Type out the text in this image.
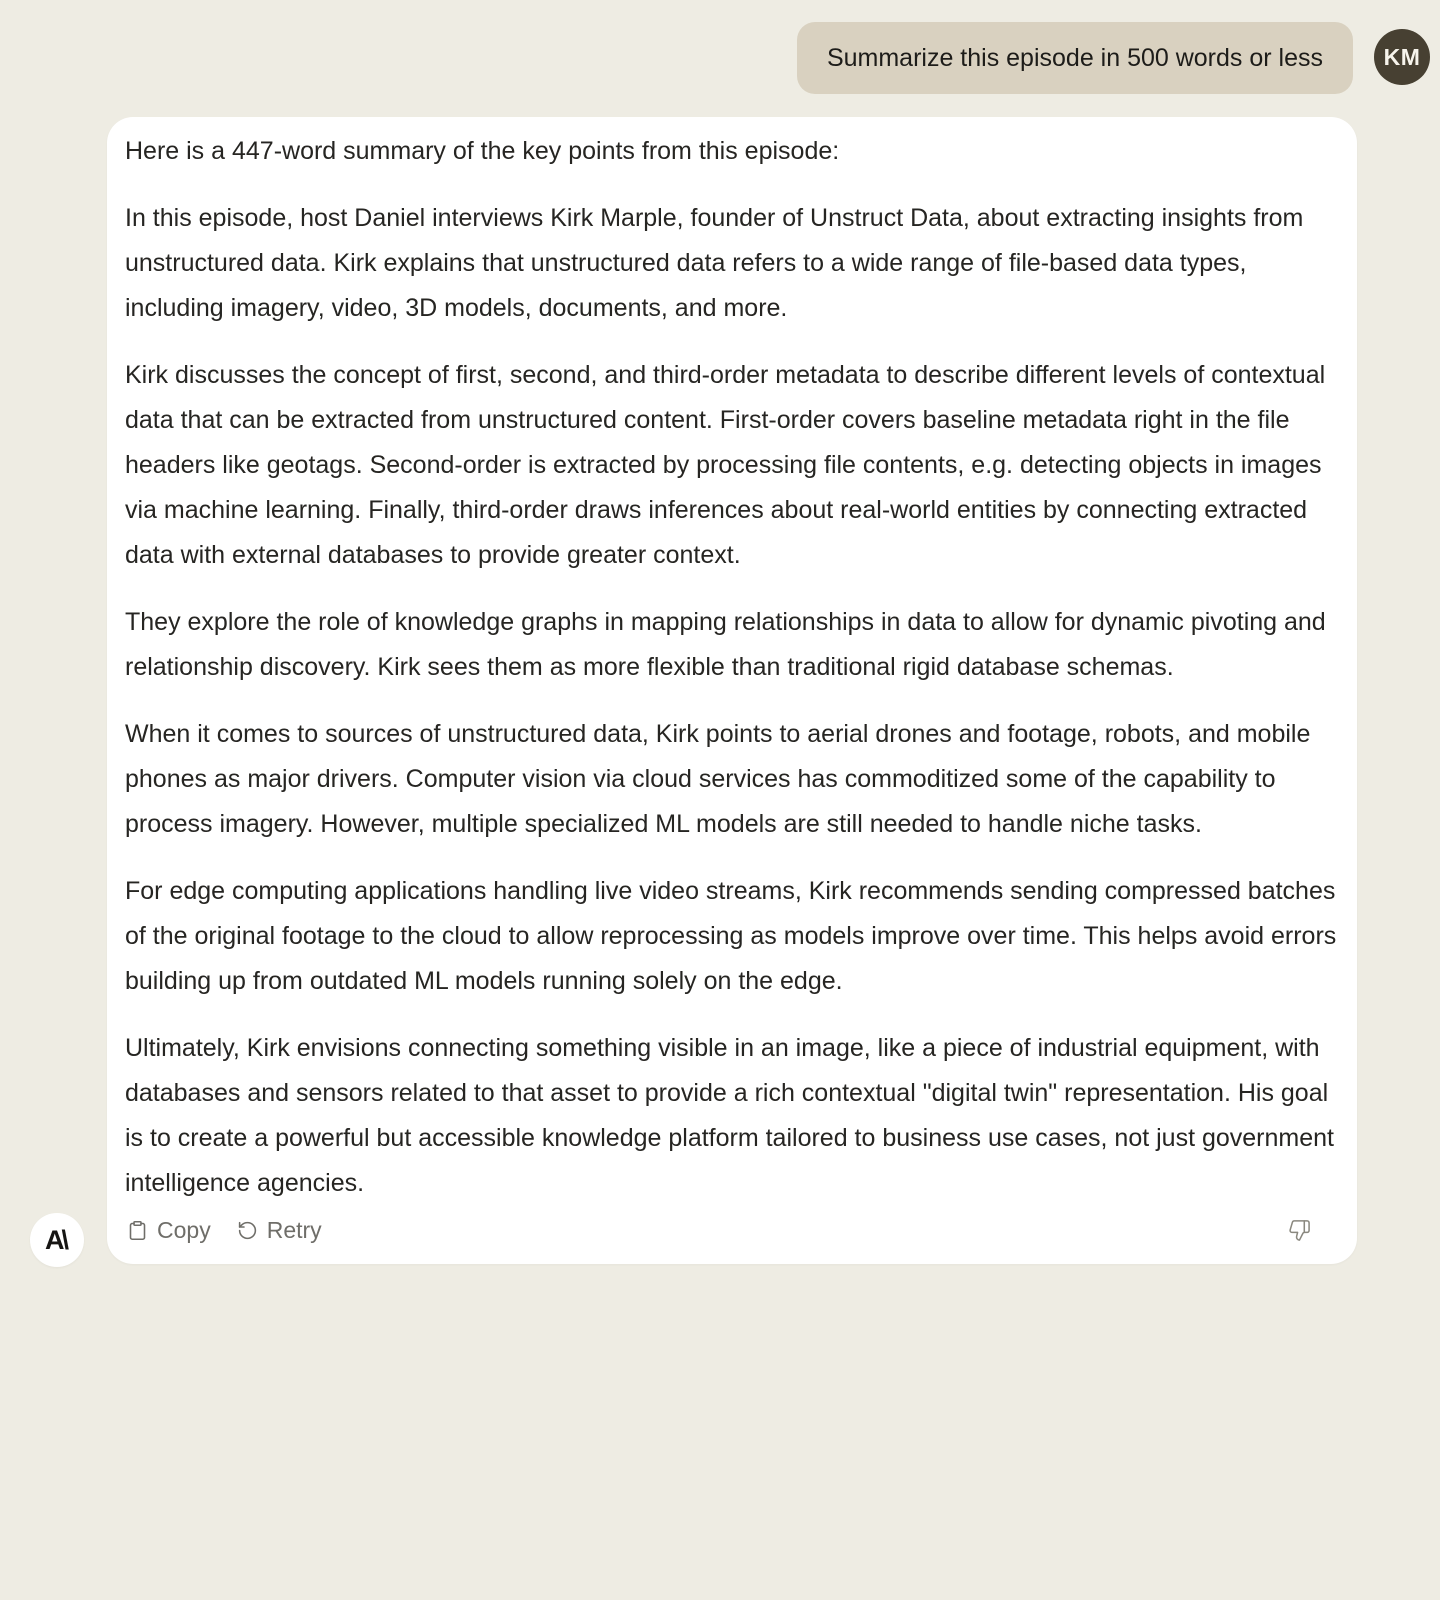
Summarize this episode in 500 words or less	KM

Here is a 447-word summary of the key points from this episode:

In this episode, host Daniel interviews Kirk Marple, founder of Unstruct Data, about extracting insights from unstructured data. Kirk explains that unstructured data refers to a wide range of file-based data types, including imagery, video, 3D models, documents, and more.

Kirk discusses the concept of first, second, and third-order metadata to describe different levels of contextual data that can be extracted from unstructured content. First-order covers baseline metadata right in the file headers like geotags. Second-order is extracted by processing file contents, e.g. detecting objects in images via machine learning. Finally, third-order draws inferences about real-world entities by connecting extracted data with external databases to provide greater context.

They explore the role of knowledge graphs in mapping relationships in data to allow for dynamic pivoting and relationship discovery. Kirk sees them as more flexible than traditional rigid database schemas.

When it comes to sources of unstructured data, Kirk points to aerial drones and footage, robots, and mobile phones as major drivers. Computer vision via cloud services has commoditized some of the capability to process imagery. However, multiple specialized ML models are still needed to handle niche tasks.

For edge computing applications handling live video streams, Kirk recommends sending compressed batches of the original footage to the cloud to allow reprocessing as models improve over time. This helps avoid errors building up from outdated ML models running solely on the edge.

Ultimately, Kirk envisions connecting something visible in an image, like a piece of industrial equipment, with databases and sensors related to that asset to provide a rich contextual "digital twin" representation. His goal is to create a powerful but accessible knowledge platform tailored to business use cases, not just government intelligence agencies.

Copy Retry
A\
